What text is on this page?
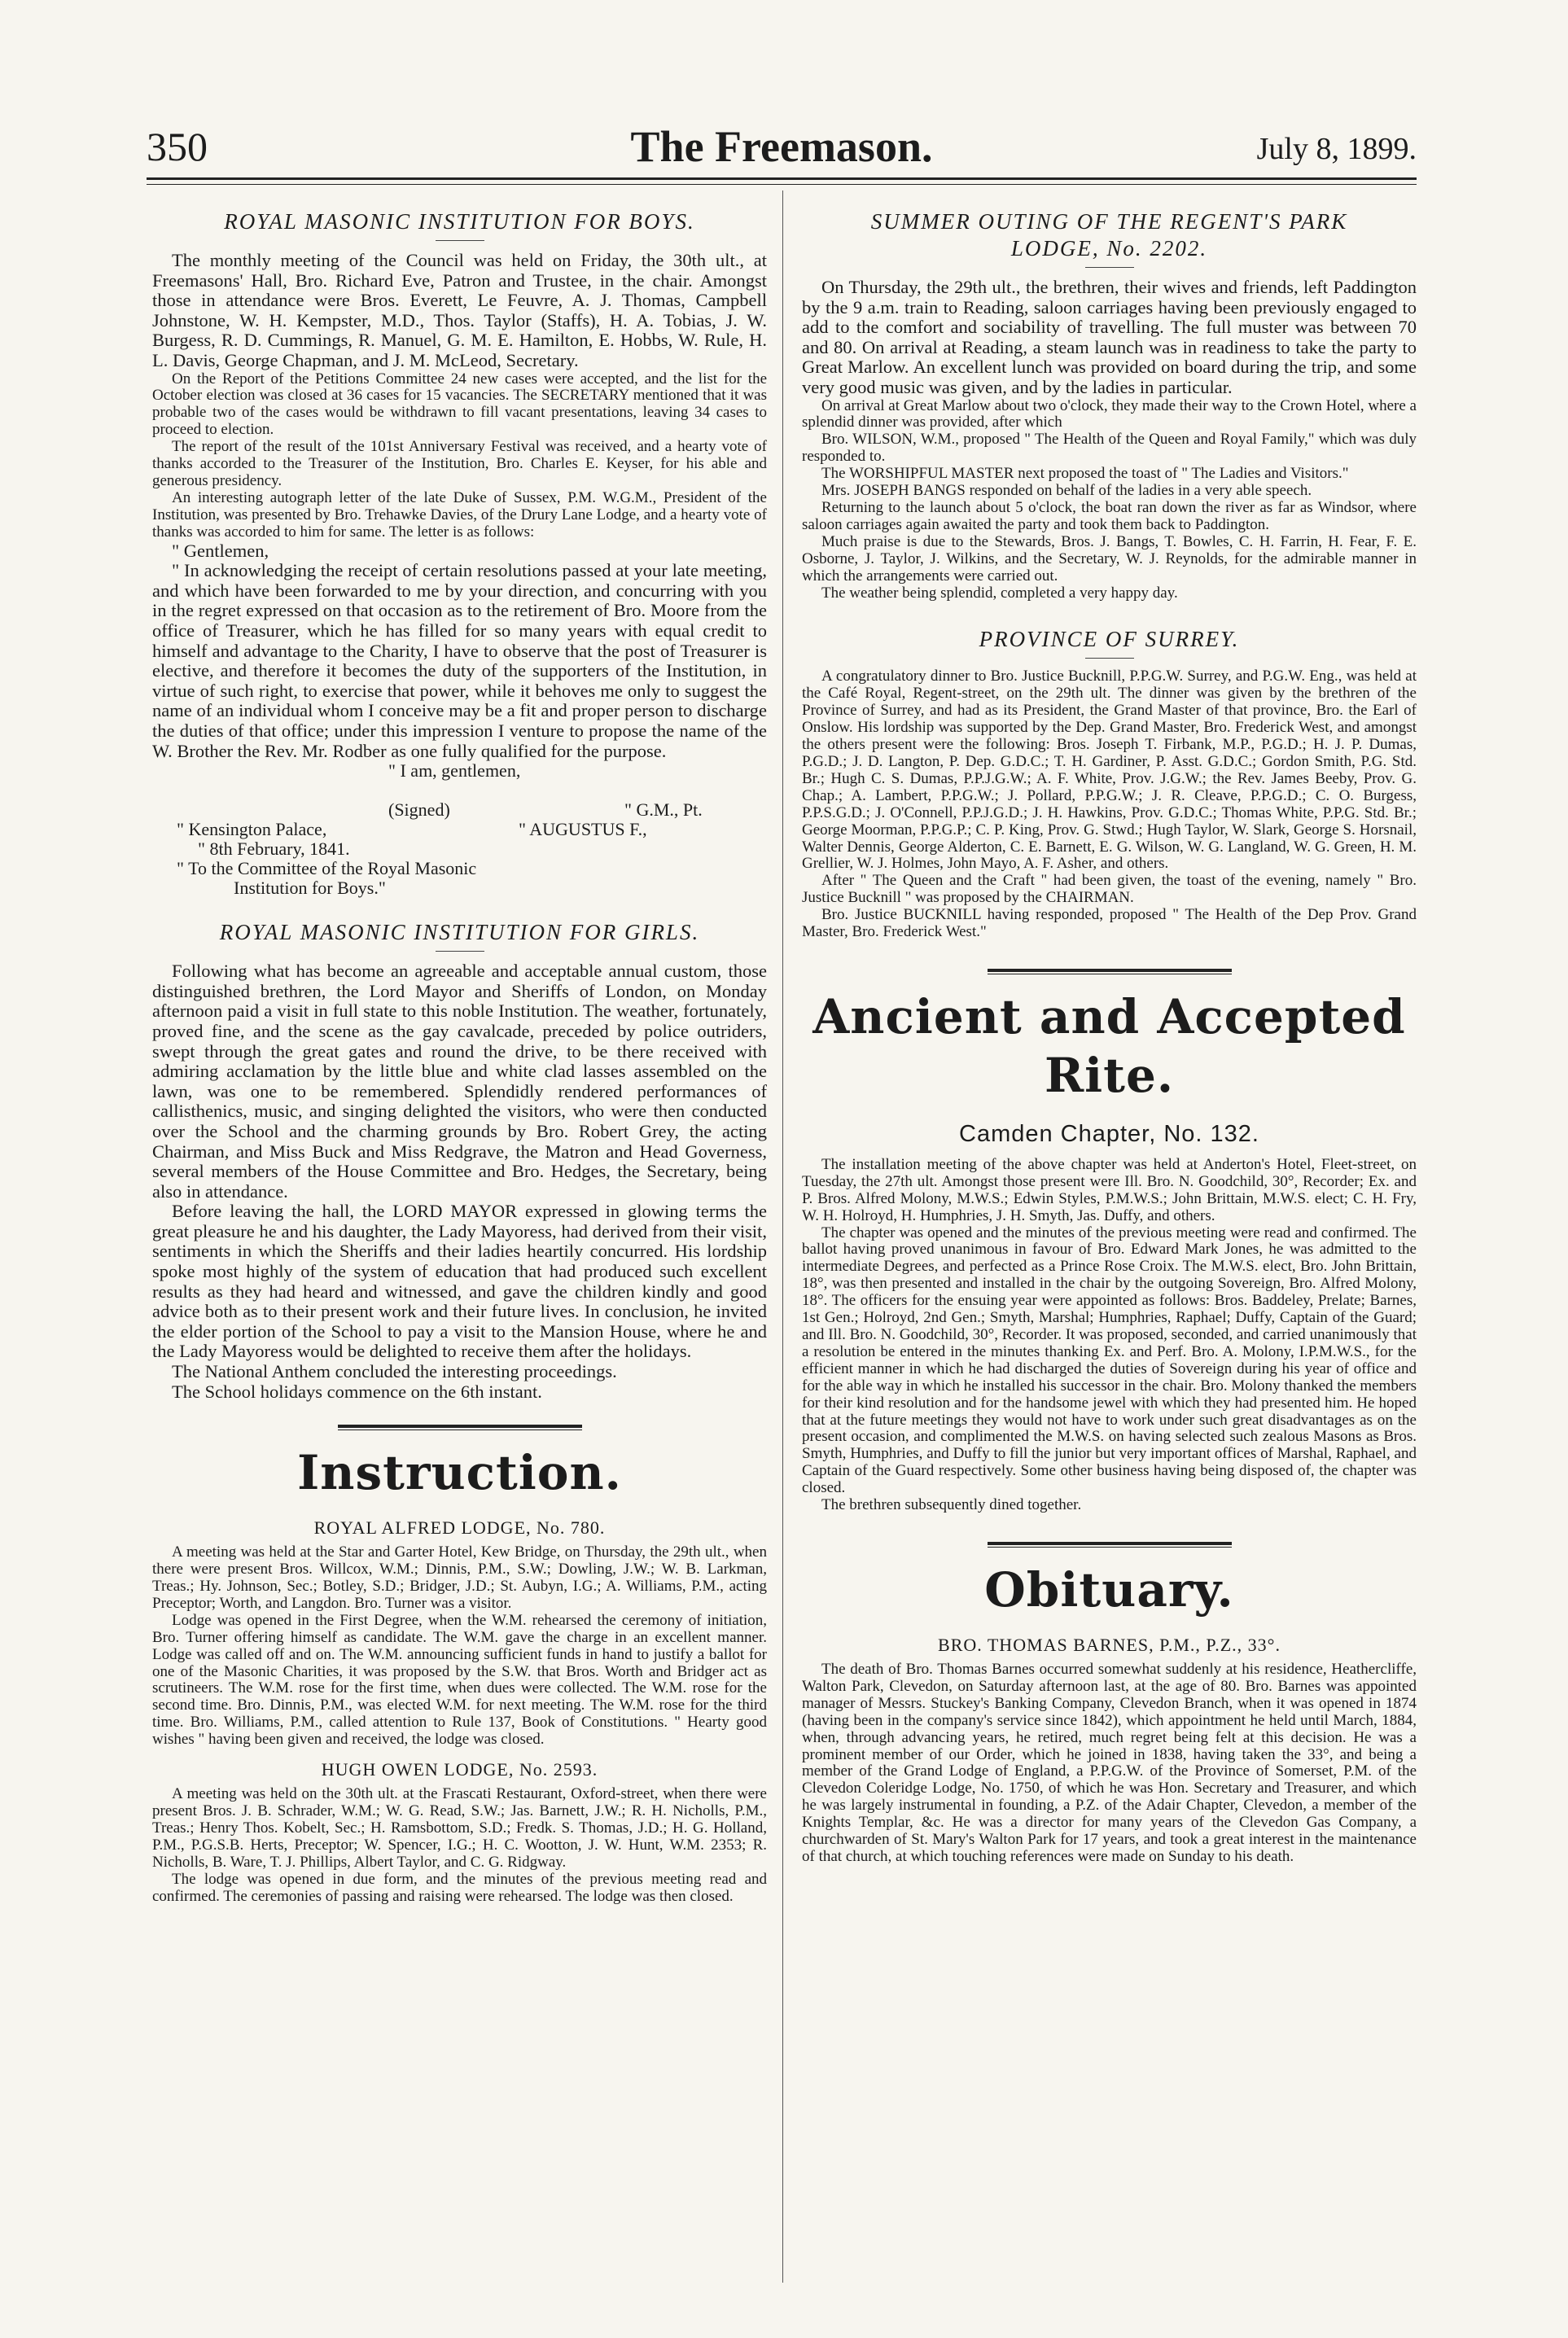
350	The Freemason.	July 8, 1899.
ROYAL MASONIC INSTITUTION FOR BOYS.

The monthly meeting of the Council was held on Friday, the 30th ult., at Freemasons' Hall, Bro. Richard Eve, Patron and Trustee, in the chair. Amongst those in attendance were Bros. Everett, Le Feuvre, A. J. Thomas, Campbell Johnstone, W. H. Kempster, M.D., Thos. Taylor (Staffs), H. A. Tobias, J. W. Burgess, R. D. Cummings, R. Manuel, G. M. E. Hamilton, E. Hobbs, W. Rule, H. L. Davis, George Chapman, and J. M. McLeod, Secretary.

On the Report of the Petitions Committee 24 new cases were accepted, and the list for the October election was closed at 36 cases for 15 vacancies. The SECRETARY mentioned that it was probable two of the cases would be withdrawn to fill vacant presentations, leaving 34 cases to proceed to election.

The report of the result of the 101st Anniversary Festival was received, and a hearty vote of thanks accorded to the Treasurer of the Institution, Bro. Charles E. Keyser, for his able and generous presidency.

An interesting autograph letter of the late Duke of Sussex, P.M. W.G.M., President of the Institution, was presented by Bro. Trehawke Davies, of the Drury Lane Lodge, and a hearty vote of thanks was accorded to him for same. The letter is as follows:

" Gentlemen,

" In acknowledging the receipt of certain resolutions passed at your late meeting, and which have been forwarded to me by your direction, and concurring with you in the regret expressed on that occasion as to the retirement of Bro. Moore from the office of Treasurer, which he has filled for so many years with equal credit to himself and advantage to the Charity, I have to observe that the post of Treasurer is elective, and therefore it becomes the duty of the supporters of the Institution, in virtue of such right, to exercise that power, while it behoves me only to suggest the name of an individual whom I conceive may be a fit and proper person to discharge the duties of that office; under this impression I venture to propose the name of the W. Brother the Rev. Mr. Rodber as one fully qualified for the purpose.

" I am, gentlemen,

(Signed)

" AUGUSTUS F.,

" G.M., Pt.
" Kensington Palace,
" 8th February, 1841.
" To the Committee of the Royal Masonic
Institution for Boys."
ROYAL MASONIC INSTITUTION FOR GIRLS.

Following what has become an agreeable and acceptable annual custom, those distinguished brethren, the Lord Mayor and Sheriffs of London, on Monday afternoon paid a visit in full state to this noble Institution. The weather, fortunately, proved fine, and the scene as the gay cavalcade, preceded by police outriders, swept through the great gates and round the drive, to be there received with admiring acclamation by the little blue and white clad lasses assembled on the lawn, was one to be remembered. Splendidly rendered performances of callisthenics, music, and singing delighted the visitors, who were then conducted over the School and the charming grounds by Bro. Robert Grey, the acting Chairman, and Miss Buck and Miss Redgrave, the Matron and Head Governess, several members of the House Committee and Bro. Hedges, the Secretary, being also in attendance.

Before leaving the hall, the LORD MAYOR expressed in glowing terms the great pleasure he and his daughter, the Lady Mayoress, had derived from their visit, sentiments in which the Sheriffs and their ladies heartily concurred. His lordship spoke most highly of the system of education that had produced such excellent results as they had heard and witnessed, and gave the children kindly and good advice both as to their present work and their future lives. In conclusion, he invited the elder portion of the School to pay a visit to the Mansion House, where he and the Lady Mayoress would be delighted to receive them after the holidays.

The National Anthem concluded the interesting proceedings.

The School holidays commence on the 6th instant.

Instruction.
ROYAL ALFRED LODGE, No. 780.

A meeting was held at the Star and Garter Hotel, Kew Bridge, on Thursday, the 29th ult., when there were present Bros. Willcox, W.M.; Dinnis, P.M., S.W.; Dowling, J.W.; W. B. Larkman, Treas.; Hy. Johnson, Sec.; Botley, S.D.; Bridger, J.D.; St. Aubyn, I.G.; A. Williams, P.M., acting Preceptor; Worth, and Langdon. Bro. Turner was a visitor.

Lodge was opened in the First Degree, when the W.M. rehearsed the ceremony of initiation, Bro. Turner offering himself as candidate. The W.M. gave the charge in an excellent manner. Lodge was called off and on. The W.M. announcing sufficient funds in hand to justify a ballot for one of the Masonic Charities, it was proposed by the S.W. that Bros. Worth and Bridger act as scrutineers. The W.M. rose for the first time, when dues were collected. The W.M. rose for the second time. Bro. Dinnis, P.M., was elected W.M. for next meeting. The W.M. rose for the third time. Bro. Williams, P.M., called attention to Rule 137, Book of Constitutions. " Hearty good wishes " having been given and received, the lodge was closed.

HUGH OWEN LODGE, No. 2593.

A meeting was held on the 30th ult. at the Frascati Restaurant, Oxford-street, when there were present Bros. J. B. Schrader, W.M.; W. G. Read, S.W.; Jas. Barnett, J.W.; R. H. Nicholls, P.M., Treas.; Henry Thos. Kobelt, Sec.; H. Ramsbottom, S.D.; Fredk. S. Thomas, J.D.; H. G. Holland, P.M., P.G.S.B. Herts, Preceptor; W. Spencer, I.G.; H. C. Wootton, J. W. Hunt, W.M. 2353; R. Nicholls, B. Ware, T. J. Phillips, Albert Taylor, and C. G. Ridgway.

The lodge was opened in due form, and the minutes of the previous meeting read and confirmed. The ceremonies of passing and raising were rehearsed. The lodge was then closed.

SUMMER OUTING OF THE REGENT'S PARK
LODGE, No. 2202.

On Thursday, the 29th ult., the brethren, their wives and friends, left Paddington by the 9 a.m. train to Reading, saloon carriages having been previously engaged to add to the comfort and sociability of travelling. The full muster was between 70 and 80. On arrival at Reading, a steam launch was in readiness to take the party to Great Marlow. An excellent lunch was provided on board during the trip, and some very good music was given, and by the ladies in particular.

On arrival at Great Marlow about two o'clock, they made their way to the Crown Hotel, where a splendid dinner was provided, after which

Bro. WILSON, W.M., proposed " The Health of the Queen and Royal Family," which was duly responded to.

The WORSHIPFUL MASTER next proposed the toast of " The Ladies and Visitors."

Mrs. JOSEPH BANGS responded on behalf of the ladies in a very able speech.

Returning to the launch about 5 o'clock, the boat ran down the river as far as Windsor, where saloon carriages again awaited the party and took them back to Paddington.

Much praise is due to the Stewards, Bros. J. Bangs, T. Bowles, C. H. Farrin, H. Fear, F. E. Osborne, J. Taylor, J. Wilkins, and the Secretary, W. J. Reynolds, for the admirable manner in which the arrangements were carried out.

The weather being splendid, completed a very happy day.

PROVINCE OF SURREY.

A congratulatory dinner to Bro. Justice Bucknill, P.P.G.W. Surrey, and P.G.W. Eng., was held at the Café Royal, Regent-street, on the 29th ult. The dinner was given by the brethren of the Province of Surrey, and had as its President, the Grand Master of that province, Bro. the Earl of Onslow. His lordship was supported by the Dep. Grand Master, Bro. Frederick West, and amongst the others present were the following: Bros. Joseph T. Firbank, M.P., P.G.D.; H. J. P. Dumas, P.G.D.; J. D. Langton, P. Dep. G.D.C.; T. H. Gardiner, P. Asst. G.D.C.; Gordon Smith, P.G. Std. Br.; Hugh C. S. Dumas, P.P.J.G.W.; A. F. White, Prov. J.G.W.; the Rev. James Beeby, Prov. G. Chap.; A. Lambert, P.P.G.W.; J. Pollard, P.P.G.W.; J. R. Cleave, P.P.G.D.; C. O. Burgess, P.P.S.G.D.; J. O'Connell, P.P.J.G.D.; J. H. Hawkins, Prov. G.D.C.; Thomas White, P.P.G. Std. Br.; George Moorman, P.P.G.P.; C. P. King, Prov. G. Stwd.; Hugh Taylor, W. Slark, George S. Horsnail, Walter Dennis, George Alderton, C. E. Barnett, E. G. Wilson, W. G. Langland, W. G. Green, H. M. Grellier, W. J. Holmes, John Mayo, A. F. Asher, and others.

After " The Queen and the Craft " had been given, the toast of the evening, namely " Bro. Justice Bucknill " was proposed by the CHAIRMAN.

Bro. Justice BUCKNILL having responded, proposed " The Health of the Dep Prov. Grand Master, Bro. Frederick West."

Ancient and Accepted Rite.
Camden Chapter, No. 132.

The installation meeting of the above chapter was held at Anderton's Hotel, Fleet-street, on Tuesday, the 27th ult. Amongst those present were Ill. Bro. N. Goodchild, 30°, Recorder; Ex. and P. Bros. Alfred Molony, M.W.S.; Edwin Styles, P.M.W.S.; John Brittain, M.W.S. elect; C. H. Fry, W. H. Holroyd, H. Humphries, J. H. Smyth, Jas. Duffy, and others.

The chapter was opened and the minutes of the previous meeting were read and confirmed. The ballot having proved unanimous in favour of Bro. Edward Mark Jones, he was admitted to the intermediate Degrees, and perfected as a Prince Rose Croix. The M.W.S. elect, Bro. John Brittain, 18°, was then presented and installed in the chair by the outgoing Sovereign, Bro. Alfred Molony, 18°. The officers for the ensuing year were appointed as follows: Bros. Baddeley, Prelate; Barnes, 1st Gen.; Holroyd, 2nd Gen.; Smyth, Marshal; Humphries, Raphael; Duffy, Captain of the Guard; and Ill. Bro. N. Goodchild, 30°, Recorder. It was proposed, seconded, and carried unanimously that a resolution be entered in the minutes thanking Ex. and Perf. Bro. A. Molony, I.P.M.W.S., for the efficient manner in which he had discharged the duties of Sovereign during his year of office and for the able way in which he installed his successor in the chair. Bro. Molony thanked the members for their kind resolution and for the handsome jewel with which they had presented him. He hoped that at the future meetings they would not have to work under such great disadvantages as on the present occasion, and complimented the M.W.S. on having selected such zealous Masons as Bros. Smyth, Humphries, and Duffy to fill the junior but very important offices of Marshal, Raphael, and Captain of the Guard respectively. Some other business having being disposed of, the chapter was closed.

The brethren subsequently dined together.

Obituary.
BRO. THOMAS BARNES, P.M., P.Z., 33°.

The death of Bro. Thomas Barnes occurred somewhat suddenly at his residence, Heathercliffe, Walton Park, Clevedon, on Saturday afternoon last, at the age of 80. Bro. Barnes was appointed manager of Messrs. Stuckey's Banking Company, Clevedon Branch, when it was opened in 1874 (having been in the company's service since 1842), which appointment he held until March, 1884, when, through advancing years, he retired, much regret being felt at this decision. He was a prominent member of our Order, which he joined in 1838, having taken the 33°, and being a member of the Grand Lodge of England, a P.P.G.W. of the Province of Somerset, P.M. of the Clevedon Coleridge Lodge, No. 1750, of which he was Hon. Secretary and Treasurer, and which he was largely instrumental in founding, a P.Z. of the Adair Chapter, Clevedon, a member of the Knights Templar, &c. He was a director for many years of the Clevedon Gas Company, a churchwarden of St. Mary's Walton Park for 17 years, and took a great interest in the maintenance of that church, at which touching references were made on Sunday to his death.
